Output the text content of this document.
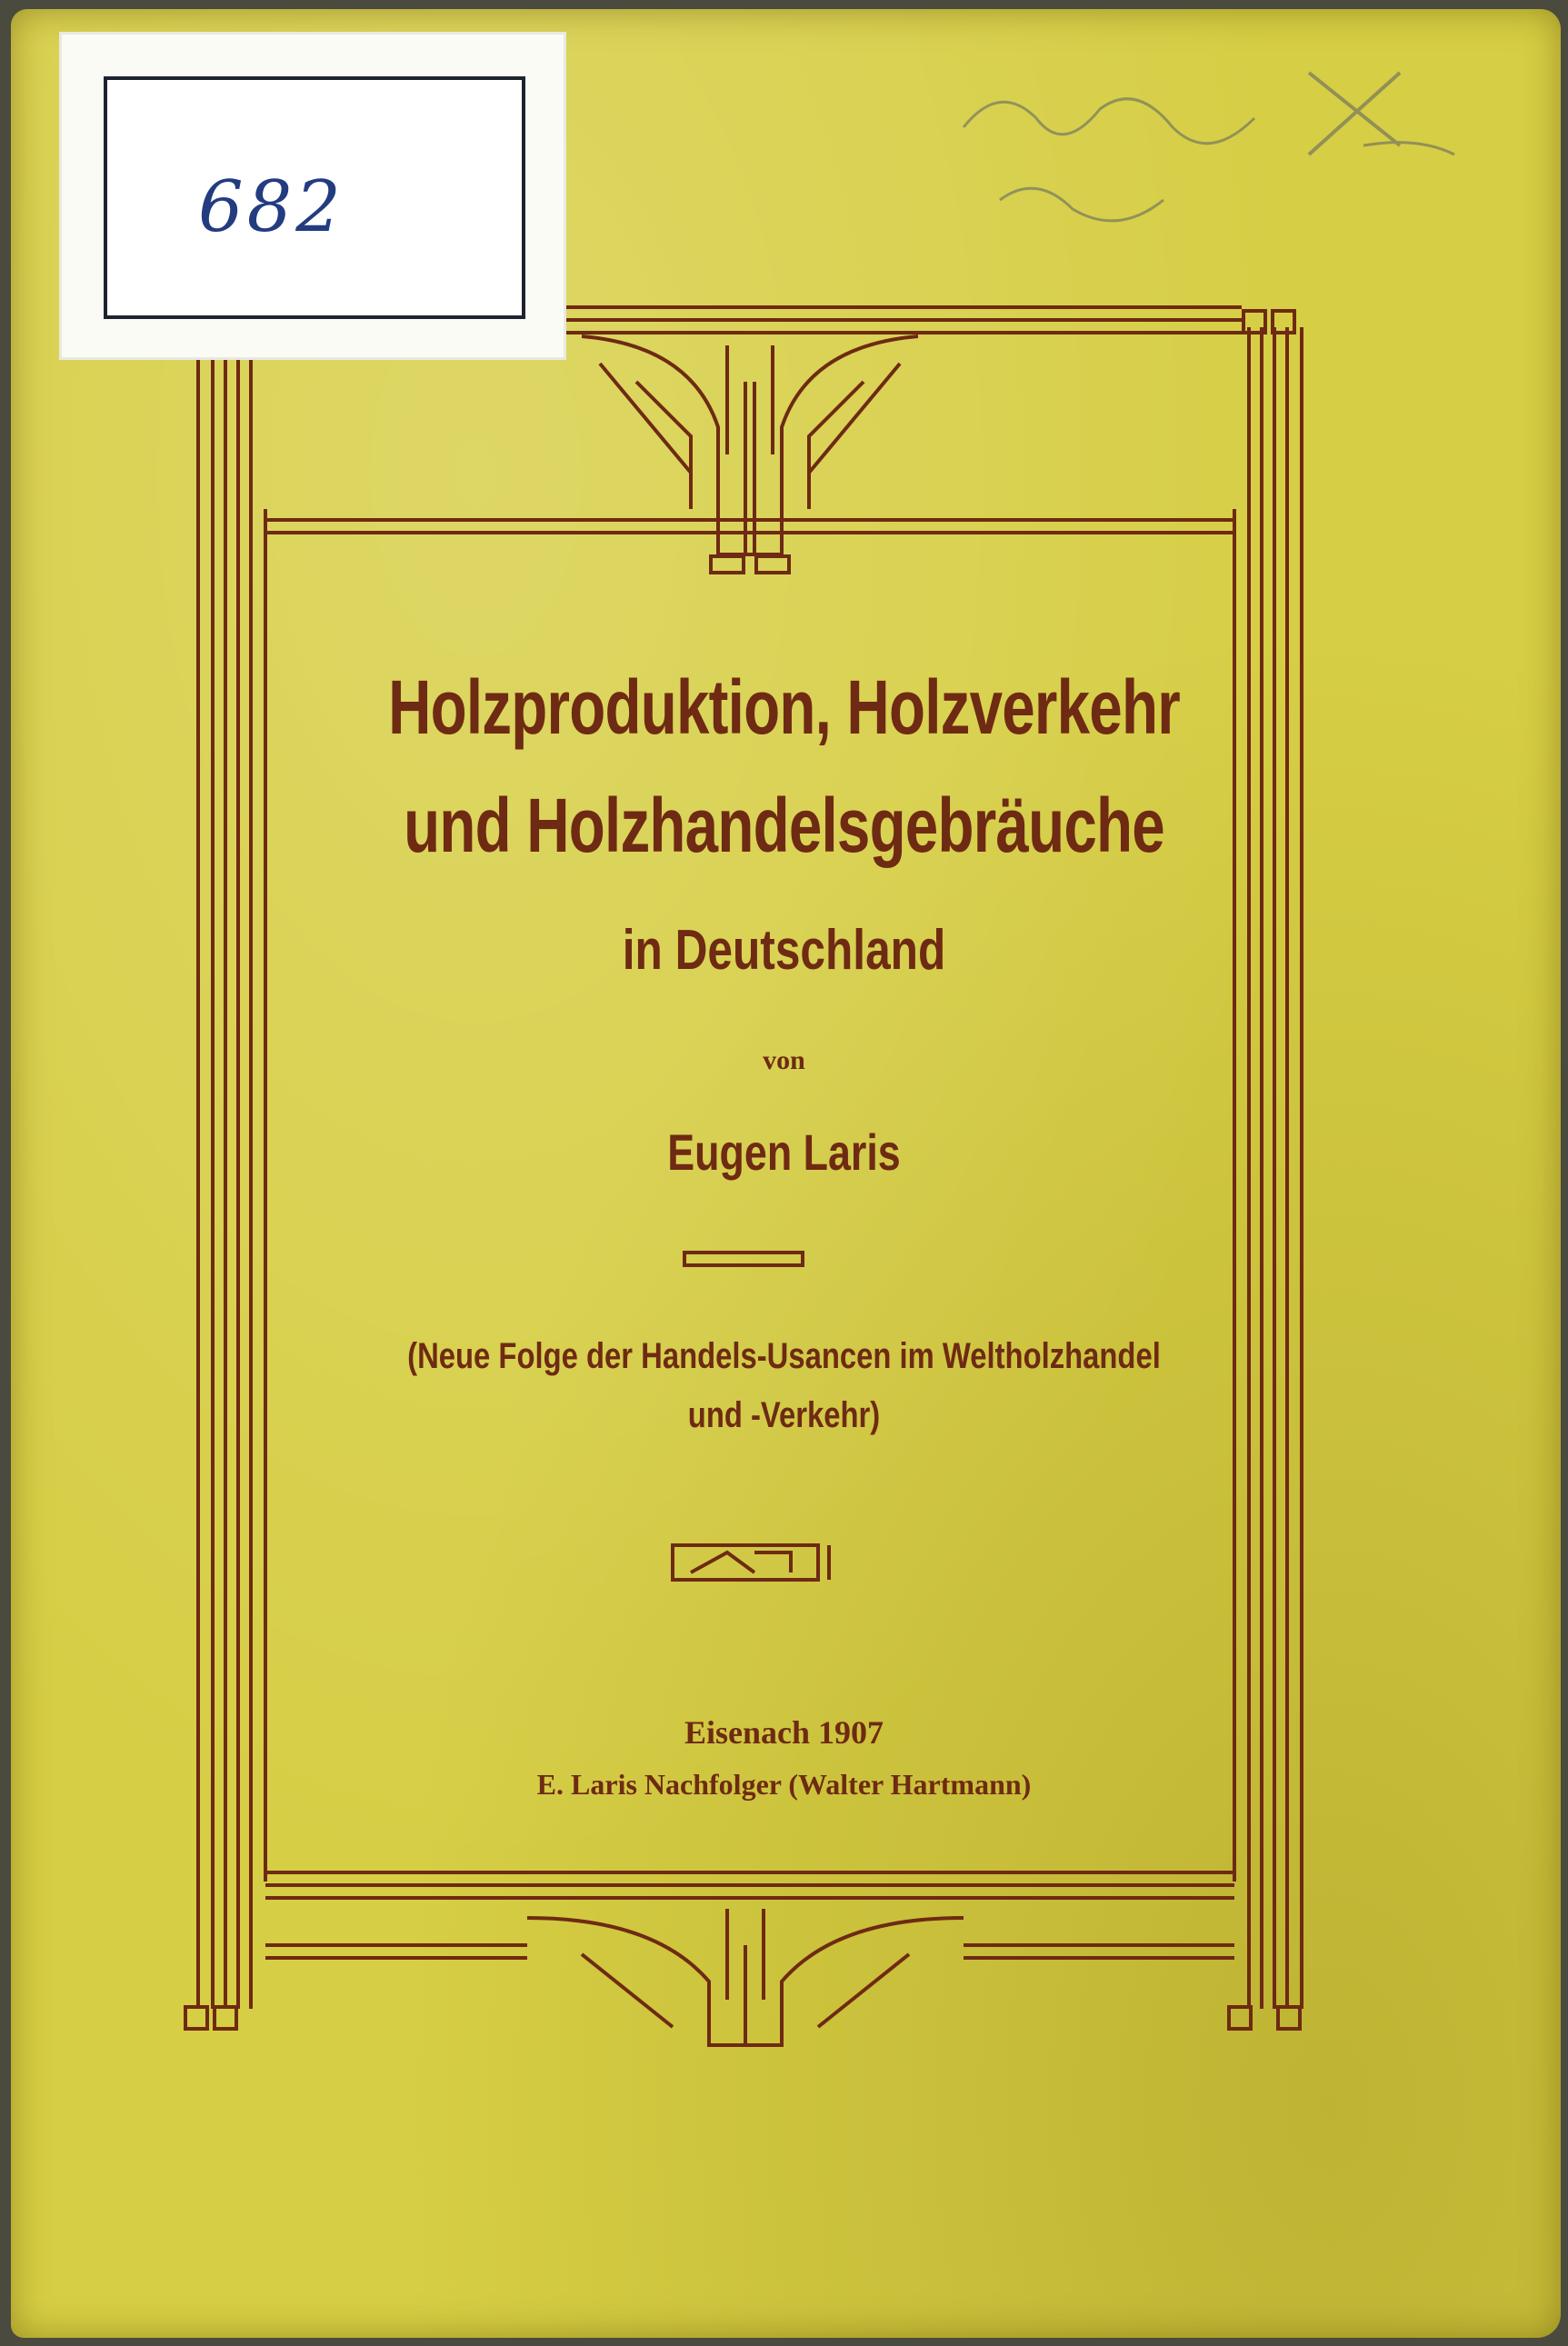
682
Holzproduktion, Holzverkehr
und Holzhandelsgebräuche
in Deutschland
von
Eugen Laris
(Neue Folge der Handels-Usancen im Weltholzhandel
und -Verkehr)
Eisenach 1907
E. Laris Nachfolger (Walter Hartmann)
